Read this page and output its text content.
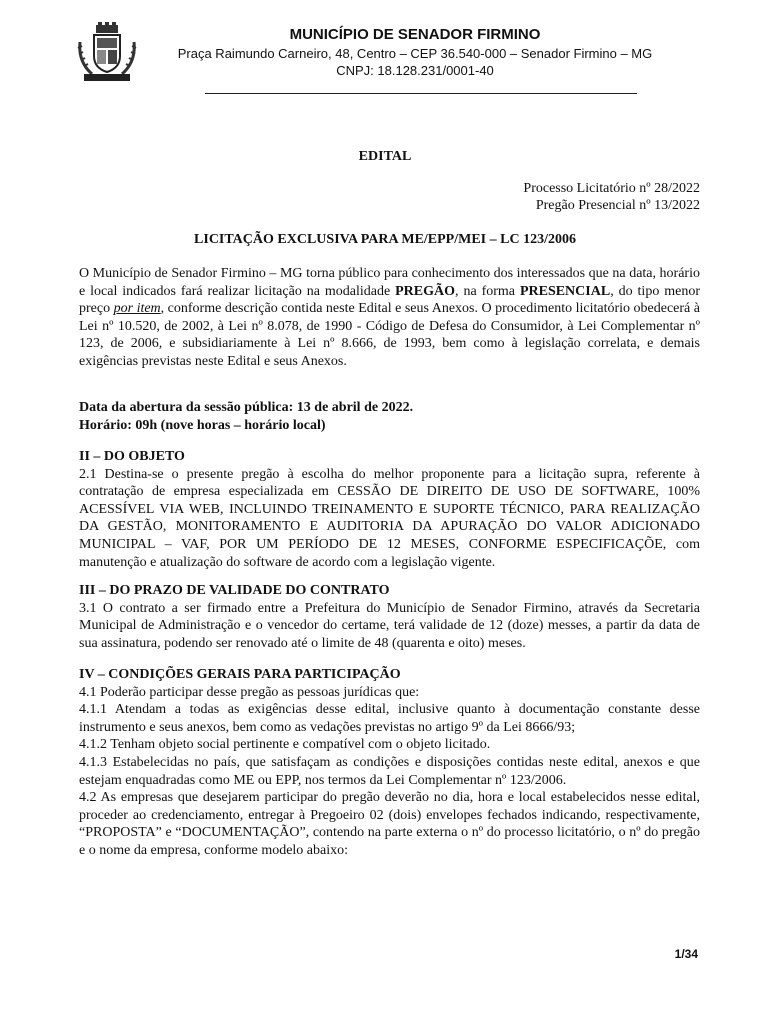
MUNICÍPIO DE SENADOR FIRMINO
Praça Raimundo Carneiro, 48, Centro – CEP 36.540-000 – Senador Firmino – MG
CNPJ: 18.128.231/0001-40
EDITAL
Processo Licitatório nº 28/2022
Pregão Presencial nº 13/2022
LICITAÇÃO EXCLUSIVA PARA ME/EPP/MEI – LC 123/2006

O Município de Senador Firmino – MG torna público para conhecimento dos interessados que na data, horário e local indicados fará realizar licitação na modalidade PREGÃO, na forma PRESENCIAL, do tipo menor preço por item, conforme descrição contida neste Edital e seus Anexos. O procedimento licitatório obedecerá à Lei nº 10.520, de 2002, à Lei nº 8.078, de 1990 - Código de Defesa do Consumidor, à Lei Complementar nº 123, de 2006, e subsidiariamente à Lei nº 8.666, de 1993, bem como à legislação correlata, e demais exigências previstas neste Edital e seus Anexos.

Data da abertura da sessão pública: 13 de abril de 2022.

Horário: 09h (nove horas – horário local)

II – DO OBJETO

2.1 Destina-se o presente pregão à escolha do melhor proponente para a licitação supra, referente à contratação de empresa especializada em CESSÃO DE DIREITO DE USO DE SOFTWARE, 100% ACESSÍVEL VIA WEB, INCLUINDO TREINAMENTO E SUPORTE TÉCNICO, PARA REALIZAÇÃO DA GESTÃO, MONITORAMENTO E AUDITORIA DA APURAÇÃO DO VALOR ADICIONADO MUNICIPAL – VAF, POR UM PERÍODO DE 12 MESES, CONFORME ESPECIFICAÇÕE, com manutenção e atualização do software de acordo com a legislação vigente.

III – DO PRAZO DE VALIDADE DO CONTRATO

3.1 O contrato a ser firmado entre a Prefeitura do Município de Senador Firmino, através da Secretaria Municipal de Administração e o vencedor do certame, terá validade de 12 (doze) messes, a partir da data de sua assinatura, podendo ser renovado até o limite de 48 (quarenta e oito) meses.

IV – CONDIÇÕES GERAIS PARA PARTICIPAÇÃO

4.1 Poderão participar desse pregão as pessoas jurídicas que:

4.1.1 Atendam a todas as exigências desse edital, inclusive quanto à documentação constante desse instrumento e seus anexos, bem como as vedações previstas no artigo 9º da Lei 8666/93;

4.1.2 Tenham objeto social pertinente e compatível com o objeto licitado.

4.1.3 Estabelecidas no país, que satisfaçam as condições e disposições contidas neste edital, anexos e que estejam enquadradas como ME ou EPP, nos termos da Lei Complementar nº 123/2006.

4.2 As empresas que desejarem participar do pregão deverão no dia, hora e local estabelecidos nesse edital, proceder ao credenciamento, entregar à Pregoeiro 02 (dois) envelopes fechados indicando, respectivamente, “PROPOSTA” e “DOCUMENTAÇÃO”, contendo na parte externa o nº do processo licitatório, o nº do pregão e o nome da empresa, conforme modelo abaixo:

1/34
